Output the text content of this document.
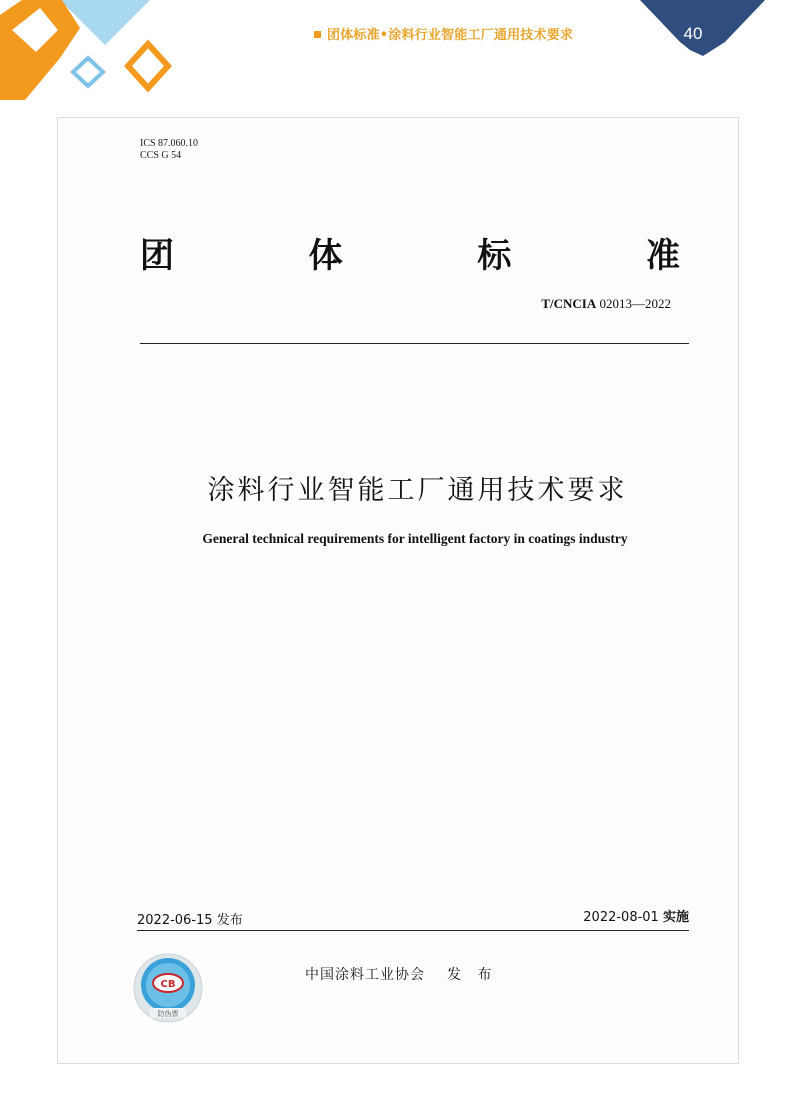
团体标准•涂料行业智能工厂通用技术要求	40
ICS 87.060.10
CCS G 54
团	体	标	准
T/CNCIA 02013—2022
涂料行业智能工厂通用技术要求
General technical requirements for intelligent factory in coatings industry
2022-06-15 发布	2022-08-01 实施
CB
防伪票
中国涂料工业协会 发 布
